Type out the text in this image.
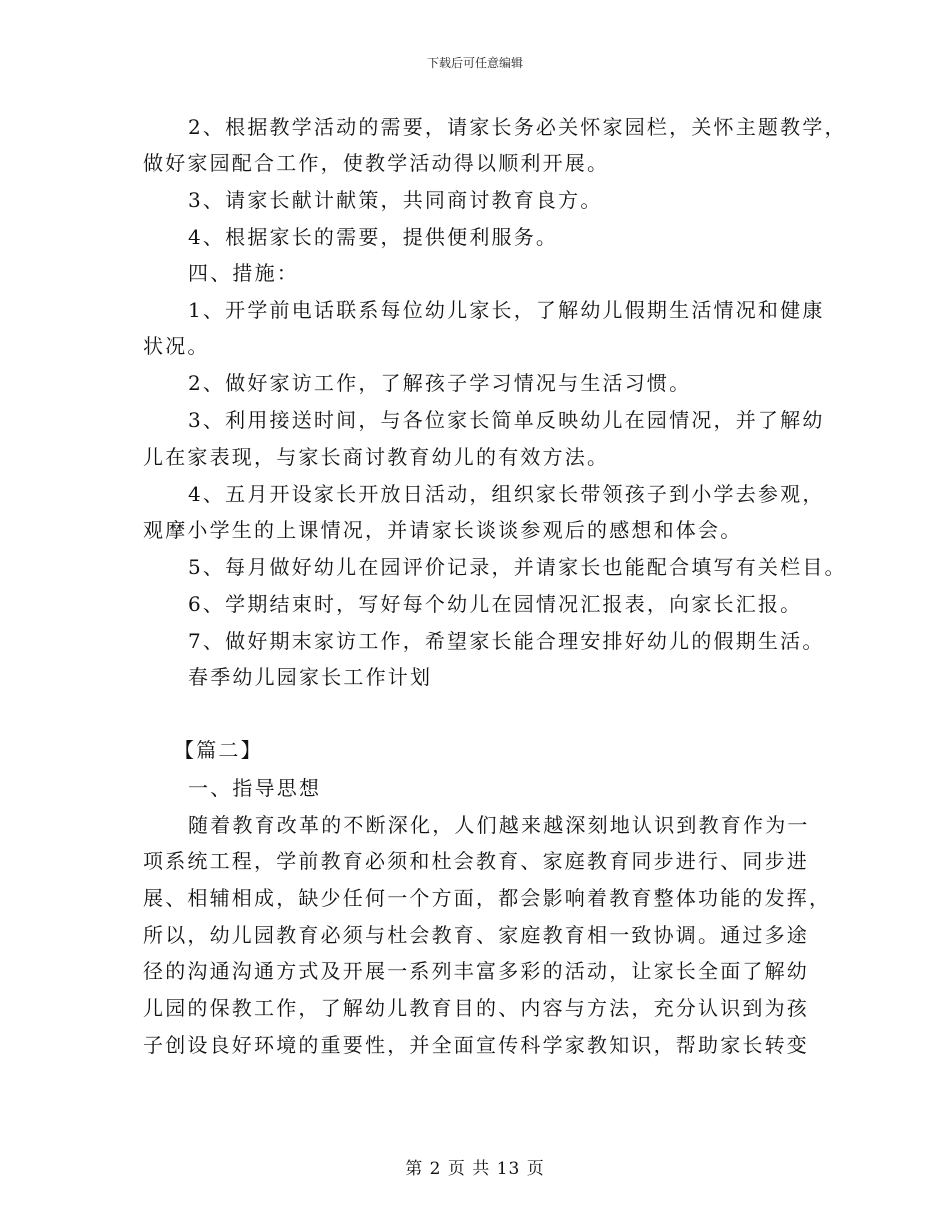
下载后可任意编辑
2、根据教学活动的需要，请家长务必关怀家园栏，关怀主题教学，
做好家园配合工作，使教学活动得以顺利开展。
3、请家长献计献策，共同商讨教育良方。
4、根据家长的需要，提供便利服务。
四、措施：
1、开学前电话联系每位幼儿家长，了解幼儿假期生活情况和健康
状况。
2、做好家访工作，了解孩子学习情况与生活习惯。
3、利用接送时间，与各位家长简单反映幼儿在园情况，并了解幼
儿在家表现，与家长商讨教育幼儿的有效方法。
4、五月开设家长开放日活动，组织家长带领孩子到小学去参观，
观摩小学生的上课情况，并请家长谈谈参观后的感想和体会。
5、每月做好幼儿在园评价记录，并请家长也能配合填写有关栏目。
6、学期结束时，写好每个幼儿在园情况汇报表，向家长汇报。
7、做好期末家访工作，希望家长能合理安排好幼儿的假期生活。
春季幼儿园家长工作计划
【篇二】
一、指导思想
随着教育改革的不断深化，人们越来越深刻地认识到教育作为一
项系统工程，学前教育必须和杜会教育、家庭教育同步进行、同步进
展、相辅相成，缺少任何一个方面，都会影响着教育整体功能的发挥，
所以，幼儿园教育必须与杜会教育、家庭教育相一致协调。通过多途
径的沟通沟通方式及开展一系列丰富多彩的活动，让家长全面了解幼
儿园的保教工作，了解幼儿教育目的、内容与方法，充分认识到为孩
子创设良好环境的重要性，并全面宣传科学家教知识，帮助家长转变
第 2 页 共 13 页
